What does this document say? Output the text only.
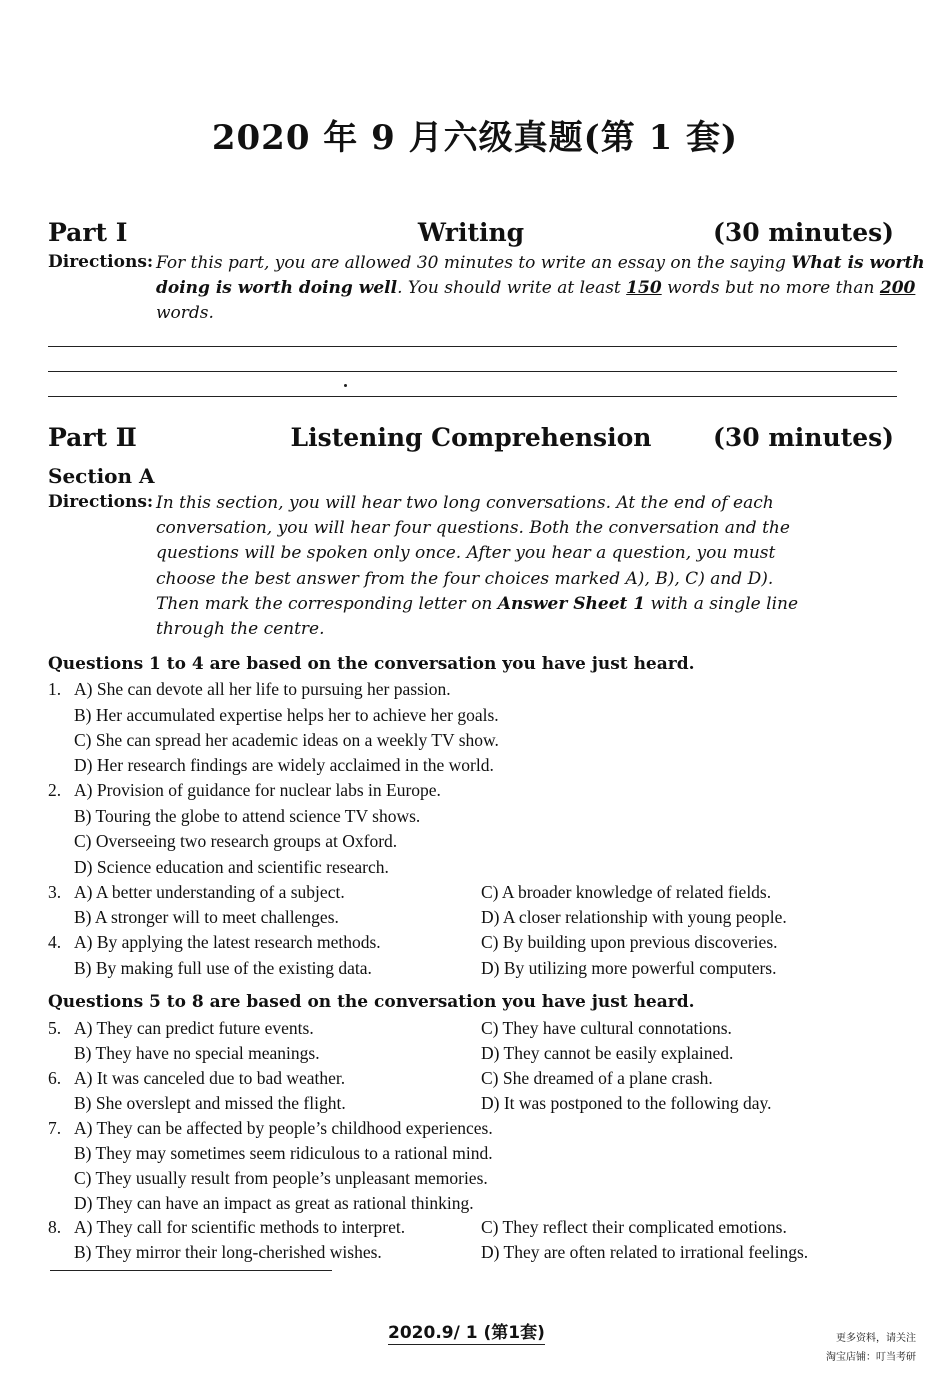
2020 年 9 月六级真题(第 1 套)
Part Ⅰ	Writing	(30 minutes)
Directions: For this part, you are allowed 30 minutes to write an essay on the saying What is worth
doing is worth doing well. You should write at least 150 words but no more than 200
words.
Part Ⅱ	Listening Comprehension	(30 minutes)
Section A
Directions: In this section, you will hear two long conversations. At the end of each
conversation, you will hear four questions. Both the conversation and the
questions will be spoken only once. After you hear a question, you must
choose the best answer from the four choices marked A), B), C) and D).
Then mark the corresponding letter on Answer Sheet 1 with a single line
through the centre.
Questions 1 to 4 are based on the conversation you have just heard.
1. A) She can devote all her life to pursuing her passion.
B) Her accumulated expertise helps her to achieve her goals.
C) She can spread her academic ideas on a weekly TV show.
D) Her research findings are widely acclaimed in the world.
2. A) Provision of guidance for nuclear labs in Europe.
B) Touring the globe to attend science TV shows.
C) Overseeing two research groups at Oxford.
D) Science education and scientific research.
3. A) A better understanding of a subject.	C) A broader knowledge of related fields.
B) A stronger will to meet challenges.	D) A closer relationship with young people.
4. A) By applying the latest research methods.	C) By building upon previous discoveries.
B) By making full use of the existing data.	D) By utilizing more powerful computers.
Questions 5 to 8 are based on the conversation you have just heard.
5. A) They can predict future events.	C) They have cultural connotations.
B) They have no special meanings.	D) They cannot be easily explained.
6. A) It was canceled due to bad weather.	C) She dreamed of a plane crash.
B) She overslept and missed the flight.	D) It was postponed to the following day.
7. A) They can be affected by people’s childhood experiences.
B) They may sometimes seem ridiculous to a rational mind.
C) They usually result from people’s unpleasant memories.
D) They can have an impact as great as rational thinking.
8. A) They call for scientific methods to interpret.	C) They reflect their complicated emotions.
B) They mirror their long-cherished wishes.	D) They are often related to irrational feelings.
2020.9/ 1 (第1套)	更多资料，请关注
淘宝店铺：叮当考研
